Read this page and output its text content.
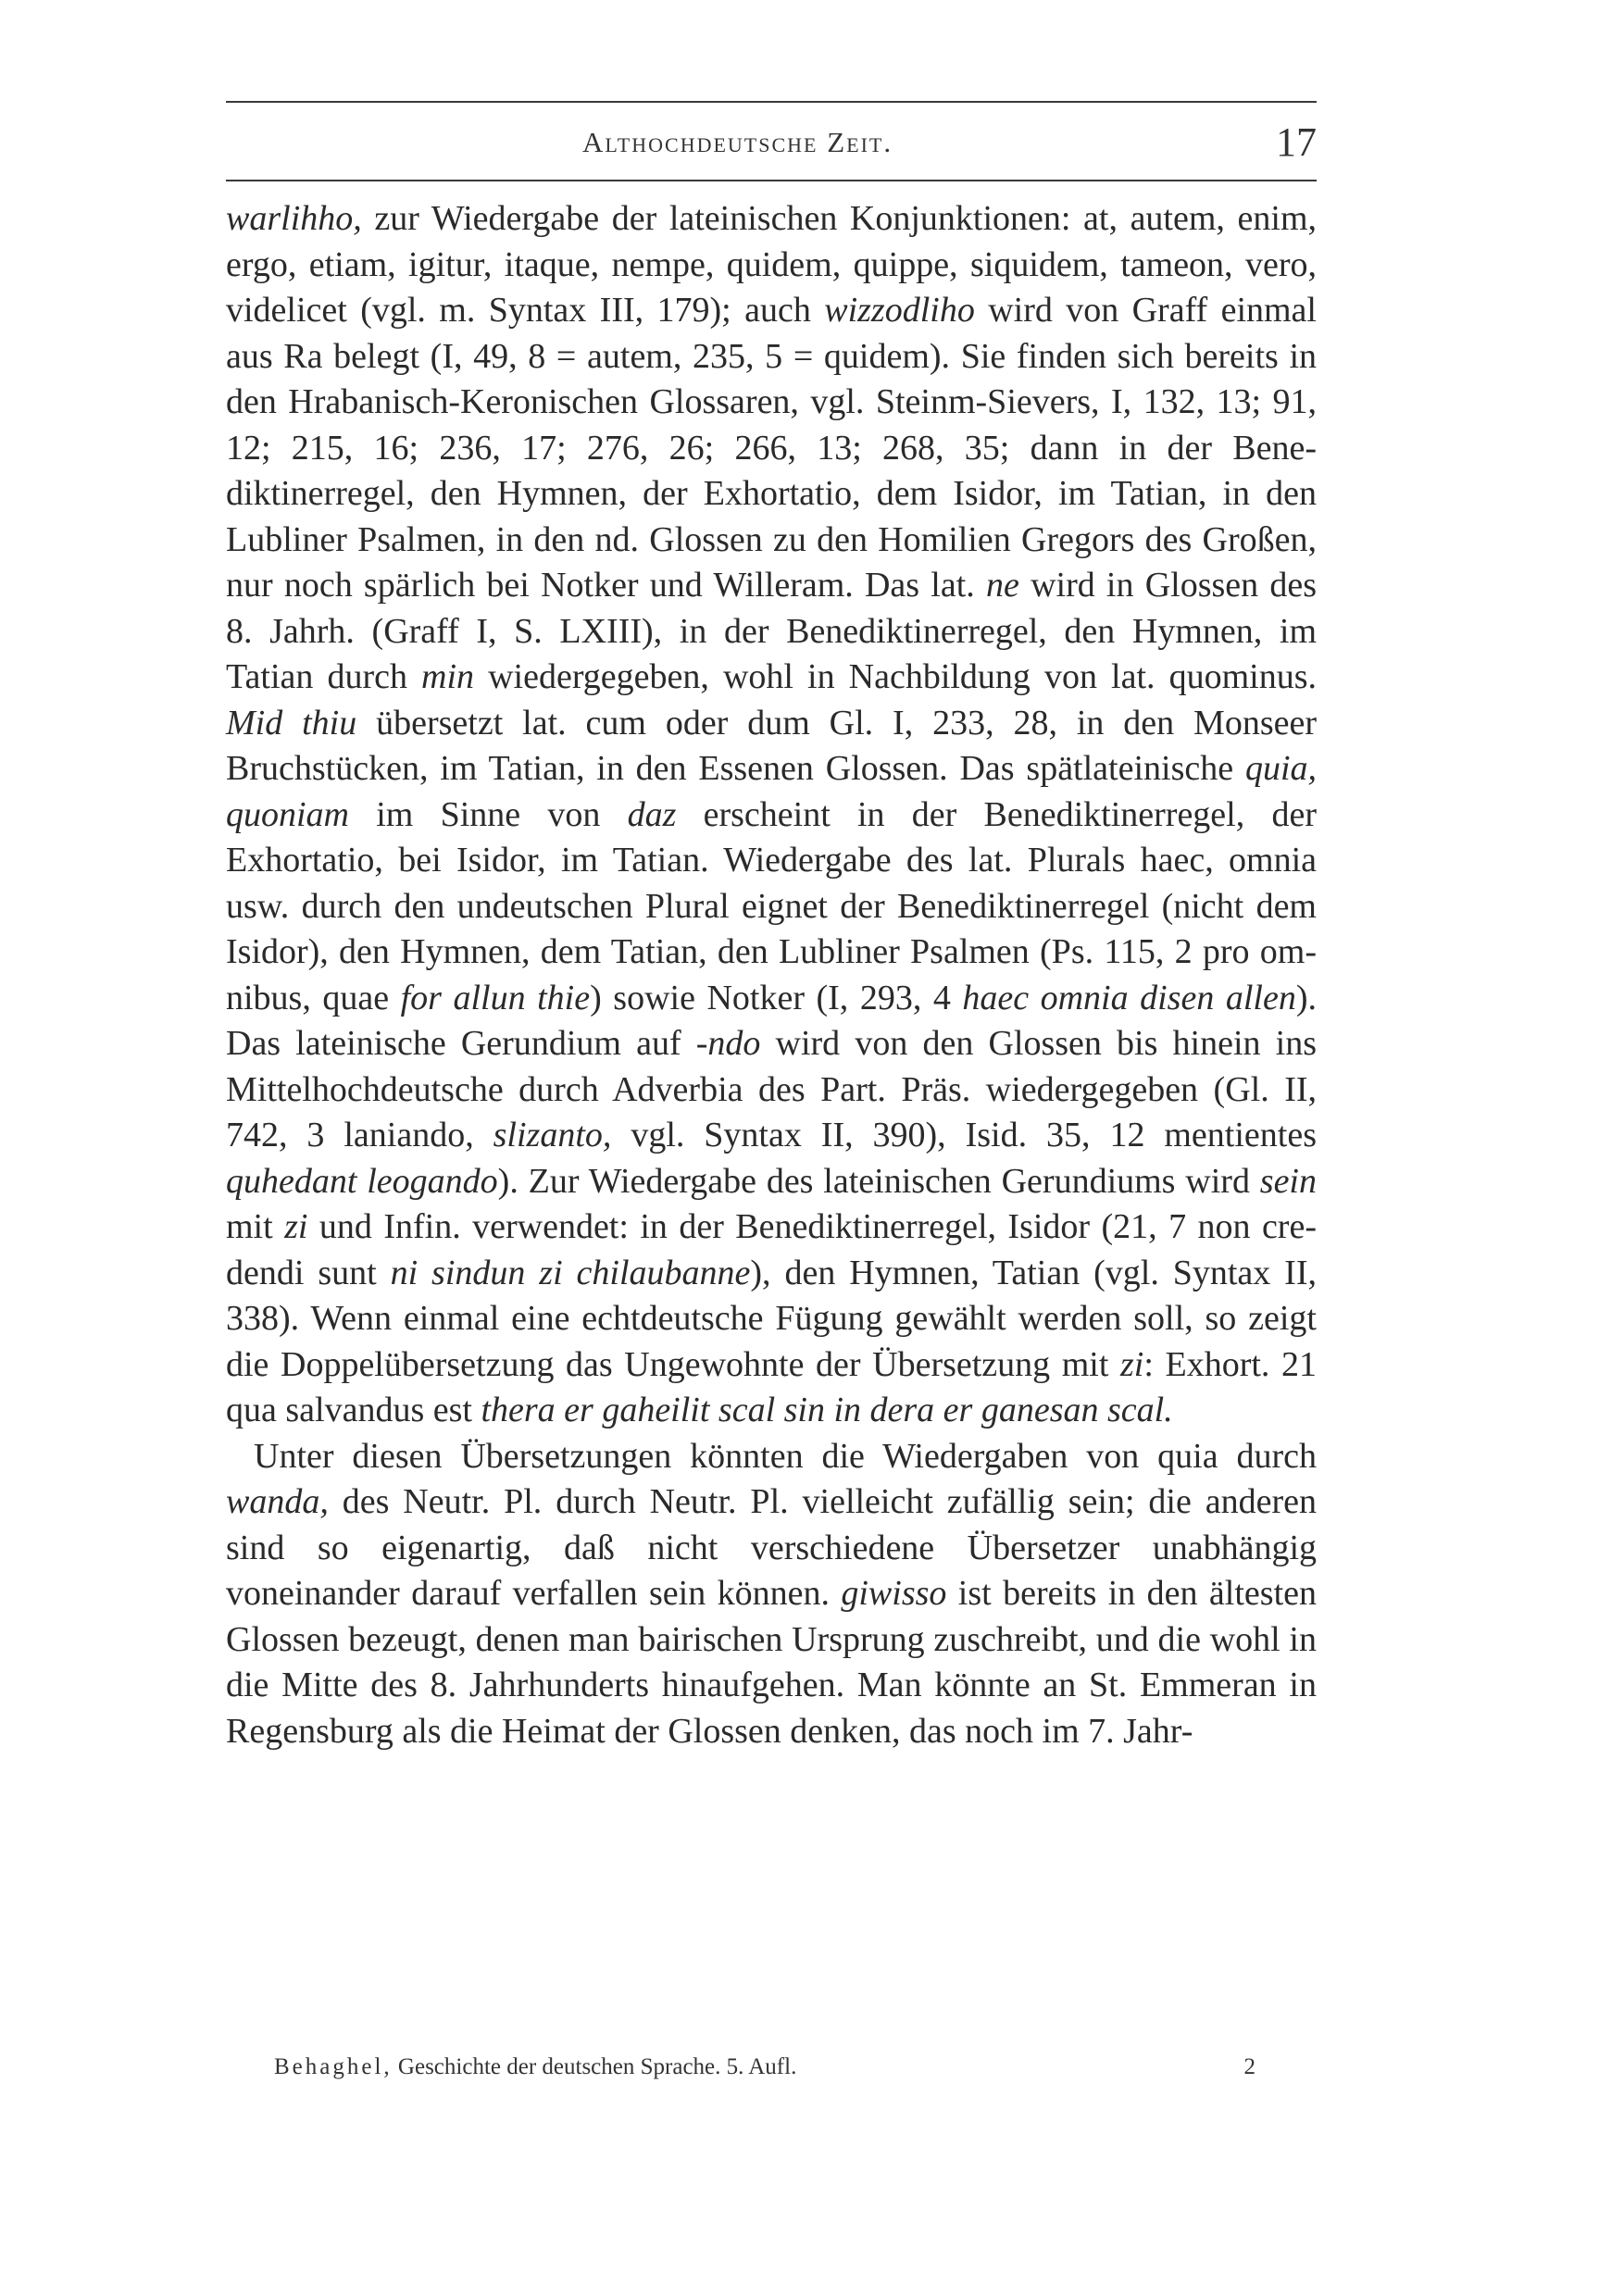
Althochdeutsche Zeit.	17

warlihho, zur Wiedergabe der lateinischen Konjunktionen: at, autem, enim, ergo, etiam, igitur, itaque, nempe, quidem, quippe, siquidem, tameon, vero, videlicet (vgl. m. Syntax III, 179); auch wizzodliho wird von Graff einmal aus Ra belegt (I, 49, 8 = autem, 235, 5 = quidem). Sie finden sich bereits in den Hrabanisch-Keronischen Glossaren, vgl. Steinm-Sievers, I, 132, 13; 91, 12; 215, 16; 236, 17; 276, 26; 266, 13; 268, 35; dann in der Benediktinerregel, den Hymnen, der Exhortatio, dem Isidor, im Tatian, in den Lubliner Psalmen, in den nd. Glossen zu den Homilien Gregors des Großen, nur noch spärlich bei Notker und Willeram. Das lat. ne wird in Glossen des 8. Jahrh. (Graff I, S. LXIII), in der Benediktinerregel, den Hymnen, im Tatian durch min wiedergegeben, wohl in Nachbildung von lat. quominus. Mid thiu übersetzt lat. cum oder dum Gl. I, 233, 28, in den Monseer Bruchstücken, im Tatian, in den Essenen Glossen. Das spätlateinische quia, quoniam im Sinne von daz erscheint in der Benediktinerregel, der Exhortatio, bei Isidor, im Tatian. Wiedergabe des lat. Plurals haec, omnia usw. durch den undeutschen Plural eignet der Benediktinerregel (nicht dem Isidor), den Hymnen, dem Tatian, den Lubliner Psalmen (Ps. 115, 2 pro omnibus, quae for allun thie) sowie Notker (I, 293, 4 haec omnia disen allen). Das lateinische Gerundium auf -ndo wird von den Glossen bis hinein ins Mittelhochdeutsche durch Adverbia des Part. Präs. wiedergegeben (Gl. II, 742, 3 laniando, slizanto, vgl. Syntax II, 390), Isid. 35, 12 mentientes quhedant leogando). Zur Wiedergabe des lateinischen Gerundiums wird sein mit zi und Infin. verwendet: in der Benediktinerregel, Isidor (21, 7 non credendi sunt ni sindun zi chilaubanne), den Hymnen, Tatian (vgl. Syntax II, 338). Wenn einmal eine echtdeutsche Fügung gewählt werden soll, so zeigt die Doppelübersetzung das Ungewohnte der Übersetzung mit zi: Exhort. 21 qua salvandus est thera er gaheilit scal sin in dera er ganesan scal.

Unter diesen Übersetzungen könnten die Wiedergaben von quia durch wanda, des Neutr. Pl. durch Neutr. Pl. vielleicht zufällig sein; die anderen sind so eigenartig, daß nicht verschiedene Übersetzer unabhängig voneinander darauf verfallen sein können. giwisso ist bereits in den ältesten Glossen bezeugt, denen man bairischen Ursprung zuschreibt, und die wohl in die Mitte des 8. Jahrhunderts hinaufgehen. Man könnte an St. Emmeran in Regensburg als die Heimat der Glossen denken, das noch im 7. Jahr-

Behaghel, Geschichte der deutschen Sprache. 5. Aufl.	2
